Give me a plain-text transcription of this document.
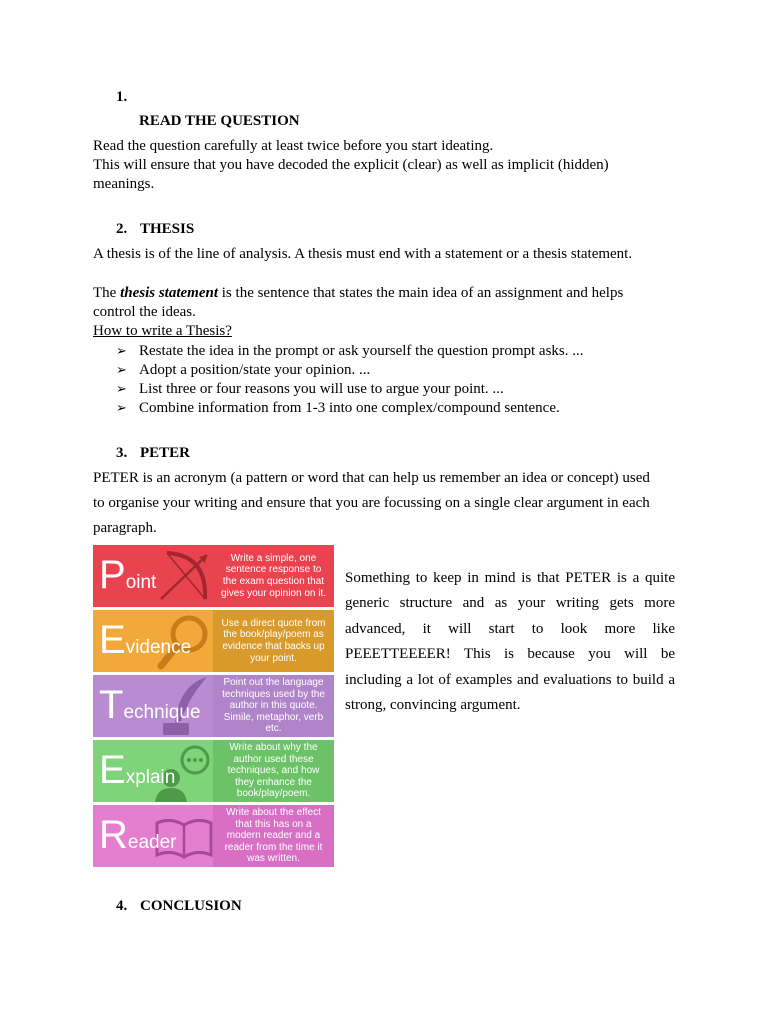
1.
READ THE QUESTION
Read the question carefully at least twice before you start ideating.
This will ensure that you have decoded the explicit (clear) as well as implicit (hidden)
meanings.
2. THESIS
A thesis is of the line of analysis. A thesis must end with a statement or a thesis statement.
The thesis statement is the sentence that states the main idea of an assignment and helps
control the ideas.
How to write a Thesis?
➢ Restate the idea in the prompt or ask yourself the question prompt asks. ...
➢ Adopt a position/state your opinion. ...
➢ List three or four reasons you will use to argue your point. ...
➢ Combine information from 1-3 into one complex/compound sentence.
3. PETER
PETER is an acronym (a pattern or word that can help us remember an idea or concept) used
to organise your writing and ensure that you are focussing on a single clear argument in each
paragraph.
Point
Write a simple, one sentence response to the exam question that gives your opinion on it.
Evidence
Use a direct quote from the book/play/poem as evidence that backs up your point.
Technique
Point out the language techniques used by the author in this quote. Simile, metaphor, verb etc.
Explain
Write about why the author used these techniques, and how they enhance the book/play/poem.
Reader
Write about the effect that this has on a modern reader and a reader from the time it was written.
Something to keep in mind is that PETER is a quite generic structure and as your writing gets more advanced, it will start to look more like PEEETTEEEER! This is because you will be including a lot of examples and evaluations to build a strong, convincing argument.
4. CONCLUSION
